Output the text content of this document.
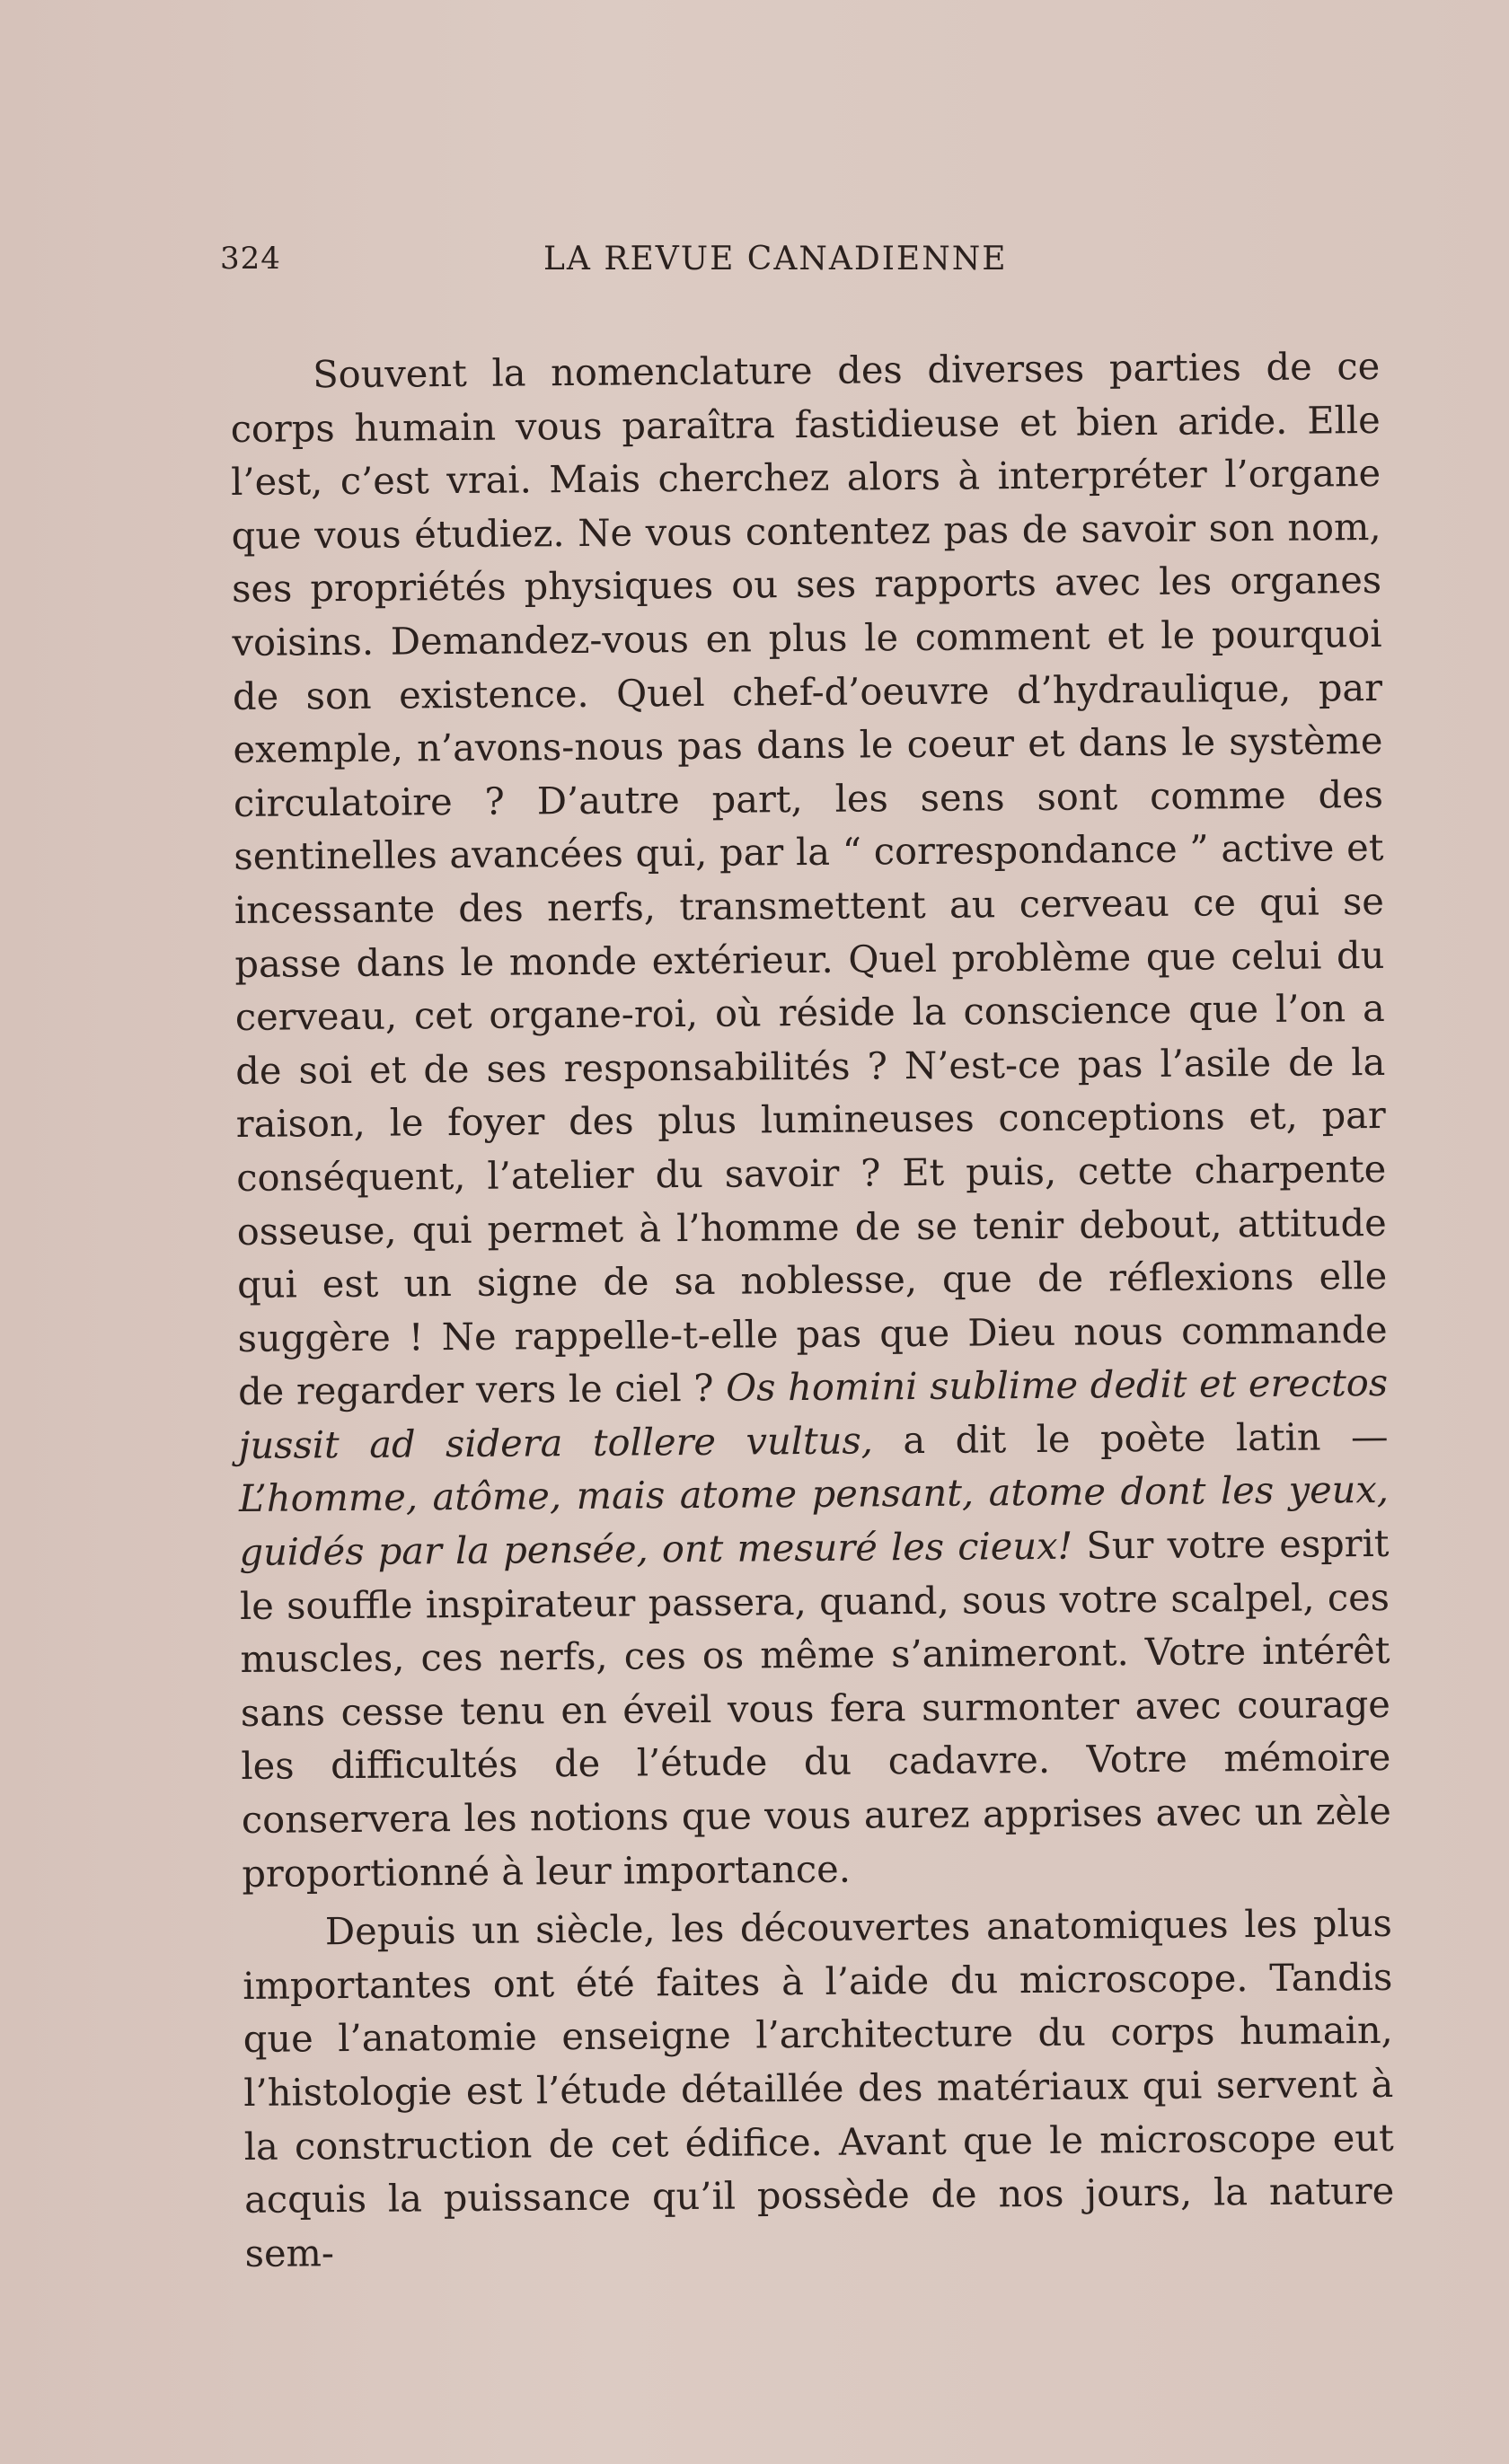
324	LA REVUE CANADIENNE

Souvent la nomenclature des diverses parties de ce corps humain vous paraîtra fastidieuse et bien aride. Elle l’est, c’est vrai. Mais cherchez alors à interpréter l’organe que vous étudiez. Ne vous contentez pas de savoir son nom, ses propriétés physiques ou ses rapports avec les organes voisins. Demandez-vous en plus le comment et le pourquoi de son existence. Quel chef-d’oeuvre d’hydraulique, par exemple, n’avons-nous pas dans le coeur et dans le système circulatoire ? D’autre part, les sens sont comme des sentinelles avancées qui, par la “ correspondance ” active et incessante des nerfs, transmettent au cerveau ce qui se passe dans le monde extérieur. Quel problème que celui du cerveau, cet organe-roi, où réside la conscience que l’on a de soi et de ses responsabilités ? N’est-ce pas l’asile de la raison, le foyer des plus lumineuses conceptions et, par conséquent, l’atelier du savoir ? Et puis, cette charpente osseuse, qui permet à l’homme de se tenir debout, attitude qui est un signe de sa noblesse, que de réflexions elle suggère ! Ne rappelle-t-elle pas que Dieu nous commande de regarder vers le ciel ? Os homini sublime dedit et erectos jussit ad sidera tollere vultus, a dit le poète latin — L’homme, atôme, mais atome pensant, atome dont les yeux, guidés par la pensée, ont mesuré les cieux! Sur votre esprit le souffle inspirateur passera, quand, sous votre scalpel, ces muscles, ces nerfs, ces os même s’animeront. Votre intérêt sans cesse tenu en éveil vous fera surmonter avec courage les difficultés de l’étude du cadavre. Votre mémoire conservera les notions que vous aurez apprises avec un zèle proportionné à leur importance.

Depuis un siècle, les découvertes anatomiques les plus importantes ont été faites à l’aide du microscope. Tandis que l’anatomie enseigne l’architecture du corps humain, l’histologie est l’étude détaillée des matériaux qui servent à la construction de cet édifice. Avant que le microscope eut acquis la puissance qu’il possède de nos jours, la nature sem-
